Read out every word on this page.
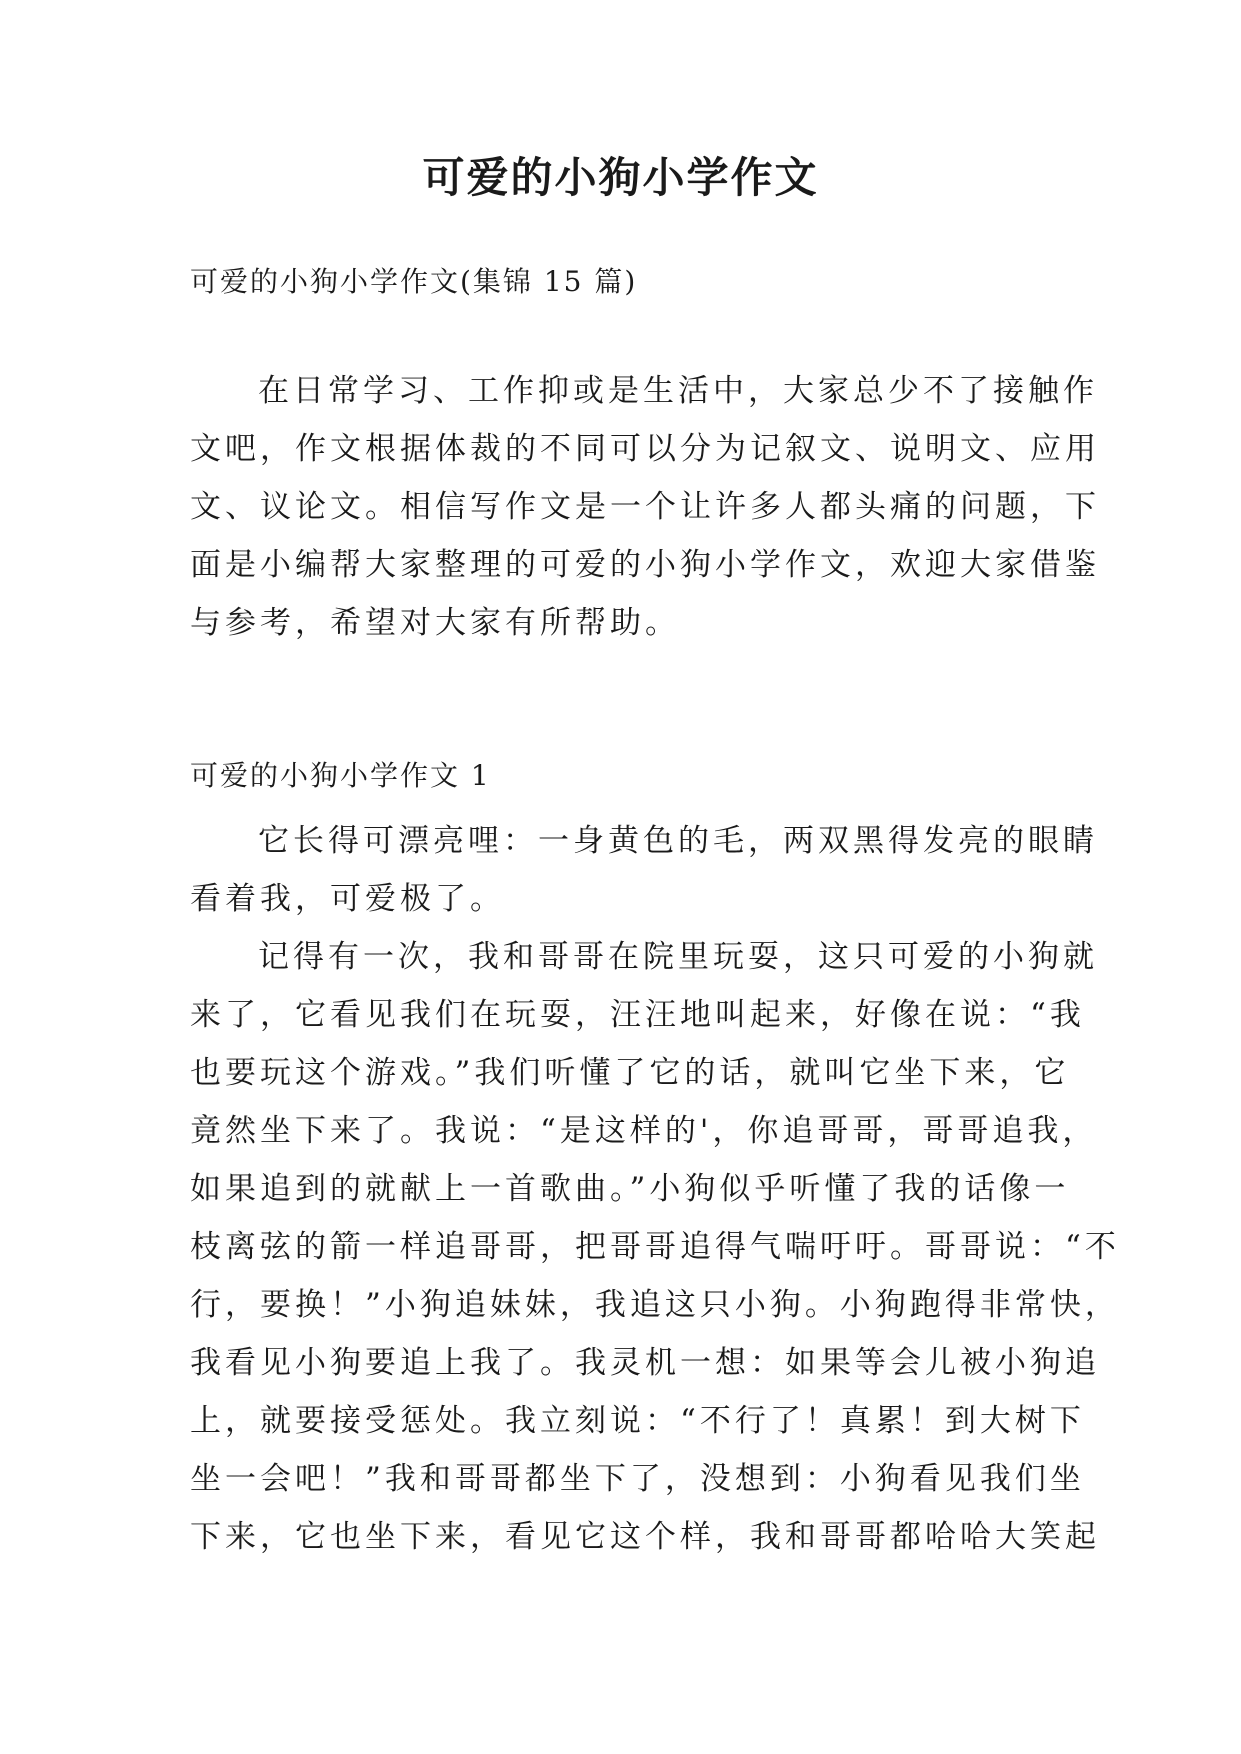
可爱的小狗小学作文

可爱的小狗小学作文(集锦 15 篇)

在日常学习、工作抑或是生活中，大家总少不了接触作
文吧，作文根据体裁的不同可以分为记叙文、说明文、应用
文、议论文。相信写作文是一个让许多人都头痛的问题，下
面是小编帮大家整理的可爱的小狗小学作文，欢迎大家借鉴
与参考，希望对大家有所帮助。

可爱的小狗小学作文 1

它长得可漂亮哩：一身黄色的毛，两双黑得发亮的眼睛
看着我，可爱极了。
记得有一次，我和哥哥在院里玩耍，这只可爱的小狗就
来了，它看见我们在玩耍，汪汪地叫起来，好像在说：“我
也要玩这个游戏。”我们听懂了它的话，就叫它坐下来，它
竟然坐下来了。我说：“是这样的'，你追哥哥，哥哥追我，
如果追到的就献上一首歌曲。”小狗似乎听懂了我的话像一
枝离弦的箭一样追哥哥，把哥哥追得气喘吁吁。哥哥说：“不
行，要换！”小狗追妹妹，我追这只小狗。小狗跑得非常快，
我看见小狗要追上我了。我灵机一想：如果等会儿被小狗追
上，就要接受惩处。我立刻说：“不行了！真累！到大树下
坐一会吧！”我和哥哥都坐下了，没想到：小狗看见我们坐
下来，它也坐下来，看见它这个样，我和哥哥都哈哈大笑起
